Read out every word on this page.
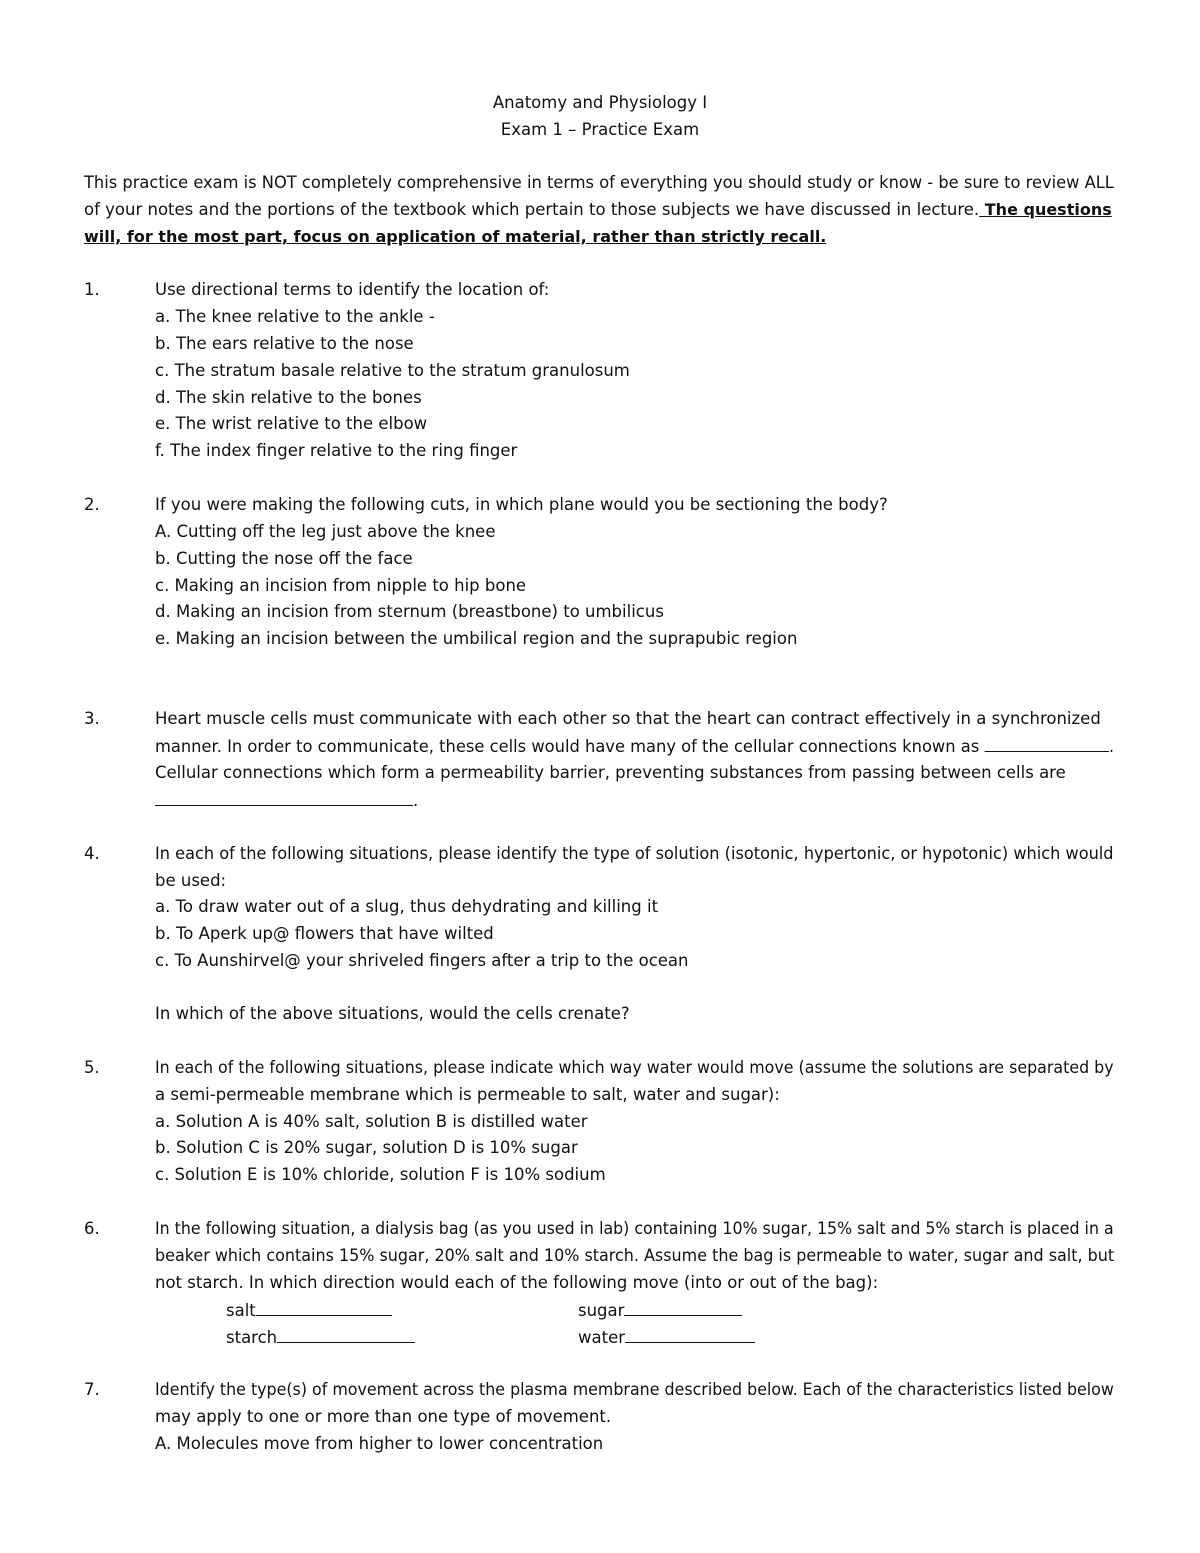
Anatomy and Physiology I
Exam 1 – Practice Exam
This practice exam is NOT completely comprehensive in terms of everything you should study or know - be sure to review ALL
of your notes and the portions of the textbook which pertain to those subjects we have discussed in lecture. The questions
will, for the most part, focus on application of material, rather than strictly recall.
1.	Use directional terms to identify the location of:
a. The knee relative to the ankle -
b. The ears relative to the nose
c. The stratum basale relative to the stratum granulosum
d. The skin relative to the bones
e. The wrist relative to the elbow
f. The index finger relative to the ring finger
2.	If you were making the following cuts, in which plane would you be sectioning the body?
A. Cutting off the leg just above the knee
b. Cutting the nose off the face
c. Making an incision from nipple to hip bone
d. Making an incision from sternum (breastbone) to umbilicus
e. Making an incision between the umbilical region and the suprapubic region
3.	Heart muscle cells must communicate with each other so that the heart can contract effectively in a synchronized
manner. In order to communicate, these cells would have many of the cellular connections known as	.
Cellular connections which form a permeability barrier, preventing substances from passing between cells are
.
4.	In each of the following situations, please identify the type of solution (isotonic, hypertonic, or hypotonic) which would
be used:
a. To draw water out of a slug, thus dehydrating and killing it
b. To Aperk up@ flowers that have wilted
c. To Aunshirvel@ your shriveled fingers after a trip to the ocean
In which of the above situations, would the cells crenate?
5.	In each of the following situations, please indicate which way water would move (assume the solutions are separated by
a semi-permeable membrane which is permeable to salt, water and sugar):
a. Solution A is 40% salt, solution B is distilled water
b. Solution C is 20% sugar, solution D is 10% sugar
c. Solution E is 10% chloride, solution F is 10% sodium
6.	In the following situation, a dialysis bag (as you used in lab) containing 10% sugar, 15% salt and 5% starch is placed in a
beaker which contains 15% sugar, 20% salt and 10% starch. Assume the bag is permeable to water, sugar and salt, but
not starch. In which direction would each of the following move (into or out of the bag):
salt	sugar
starch	water
7.	Identify the type(s) of movement across the plasma membrane described below. Each of the characteristics listed below
may apply to one or more than one type of movement.
A. Molecules move from higher to lower concentration
